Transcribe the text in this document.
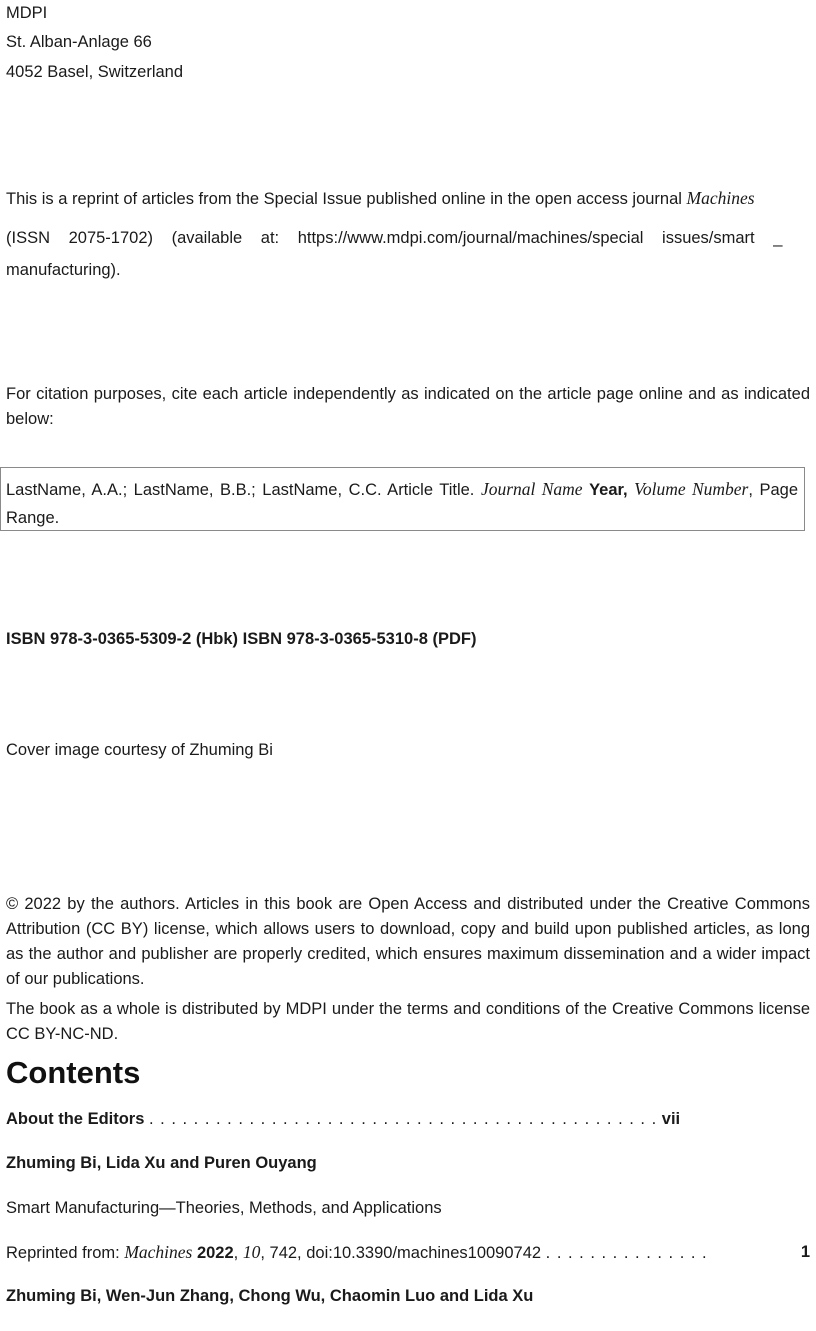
MDPI
St. Alban-Anlage 66
4052 Basel, Switzerland
This is a reprint of articles from the Special Issue published online in the open access journal Machines
(ISSN 2075-1702) (available at: https://www.mdpi.com/journal/machines/special issues/smart _
manufacturing).
For citation purposes, cite each article independently as indicated on the article page online and as indicated below:
LastName, A.A.; LastName, B.B.; LastName, C.C. Article Title. Journal Name Year, Volume Number, Page Range.
ISBN 978-3-0365-5309-2 (Hbk) ISBN 978-3-0365-5310-8 (PDF)
Cover image courtesy of Zhuming Bi
© 2022 by the authors. Articles in this book are Open Access and distributed under the Creative Commons Attribution (CC BY) license, which allows users to download, copy and build upon published articles, as long as the author and publisher are properly credited, which ensures maximum dissemination and a wider impact of our publications.
The book as a whole is distributed by MDPI under the terms and conditions of the Creative Commons license CC BY-NC-ND.
Contents
About the Editors . . . . . . . . . . . . . . . . . . . . . . . . . . . . . . . . . . . . . . . . . . . . . . vii
Zhuming Bi, Lida Xu and Puren Ouyang
Smart Manufacturing—Theories, Methods, and Applications
Reprinted from: Machines 2022, 10, 742, doi:10.3390/machines10090742 . . . . . . . . . . . . . . .	1
Zhuming Bi, Wen-Jun Zhang, Chong Wu, Chaomin Luo and Lida Xu
